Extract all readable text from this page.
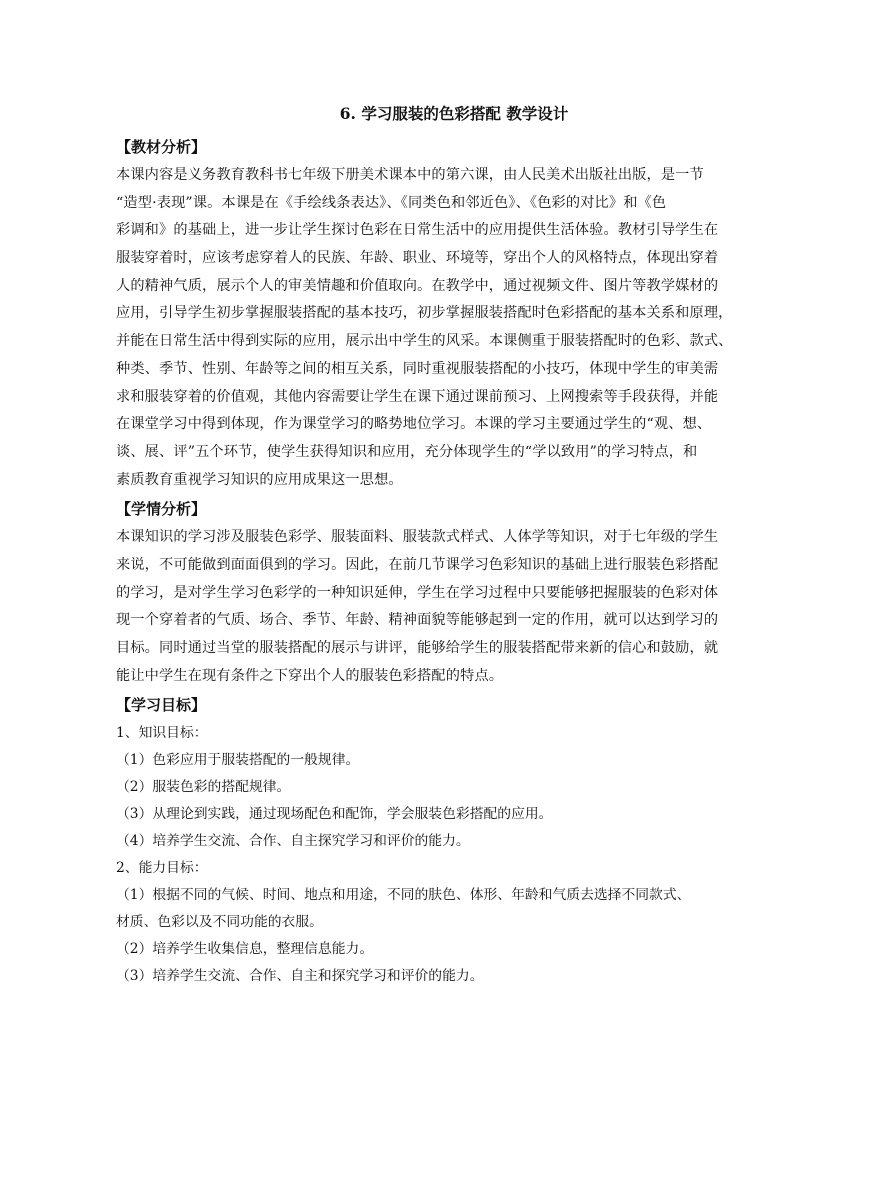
6. 学习服装的色彩搭配 教学设计
【教材分析】

本课内容是义务教育教科书七年级下册美术课本中的第六课，由人民美术出版社出版，是一节
“造型·表现”课。本课是在《手绘线条表达》、《同类色和邻近色》、《色彩的对比》和《色
彩调和》的基础上，进一步让学生探讨色彩在日常生活中的应用提供生活体验。教材引导学生在
服装穿着时，应该考虑穿着人的民族、年龄、职业、环境等，穿出个人的风格特点，体现出穿着
人的精神气质，展示个人的审美情趣和价值取向。在教学中，通过视频文件、图片等教学媒材的
应用，引导学生初步掌握服装搭配的基本技巧，初步掌握服装搭配时色彩搭配的基本关系和原理，
并能在日常生活中得到实际的应用，展示出中学生的风采。本课侧重于服装搭配时的色彩、款式、
种类、季节、性别、年龄等之间的相互关系，同时重视服装搭配的小技巧，体现中学生的审美需
求和服装穿着的价值观，其他内容需要让学生在课下通过课前预习、上网搜索等手段获得，并能
在课堂学习中得到体现，作为课堂学习的略势地位学习。本课的学习主要通过学生的“观、想、
谈、展、评”五个环节，使学生获得知识和应用，充分体现学生的“学以致用”的学习特点，和
素质教育重视学习知识的应用成果这一思想。

【学情分析】

本课知识的学习涉及服装色彩学、服装面料、服装款式样式、人体学等知识，对于七年级的学生
来说，不可能做到面面俱到的学习。因此，在前几节课学习色彩知识的基础上进行服装色彩搭配
的学习，是对学生学习色彩学的一种知识延伸，学生在学习过程中只要能够把握服装的色彩对体
现一个穿着者的气质、场合、季节、年龄、精神面貌等能够起到一定的作用，就可以达到学习的
目标。同时通过当堂的服装搭配的展示与讲评，能够给学生的服装搭配带来新的信心和鼓励，就
能让中学生在现有条件之下穿出个人的服装色彩搭配的特点。

【学习目标】
1、知识目标：
（1）色彩应用于服装搭配的一般规律。
（2）服装色彩的搭配规律。
（3）从理论到实践，通过现场配色和配饰，学会服装色彩搭配的应用。
（4）培养学生交流、合作、自主探究学习和评价的能力。
2、能力目标：
（1）根据不同的气候、时间、地点和用途，不同的肤色、体形、年龄和气质去选择不同款式、
材质、色彩以及不同功能的衣服。
（2）培养学生收集信息，整理信息能力。
（3）培养学生交流、合作、自主和探究学习和评价的能力。
